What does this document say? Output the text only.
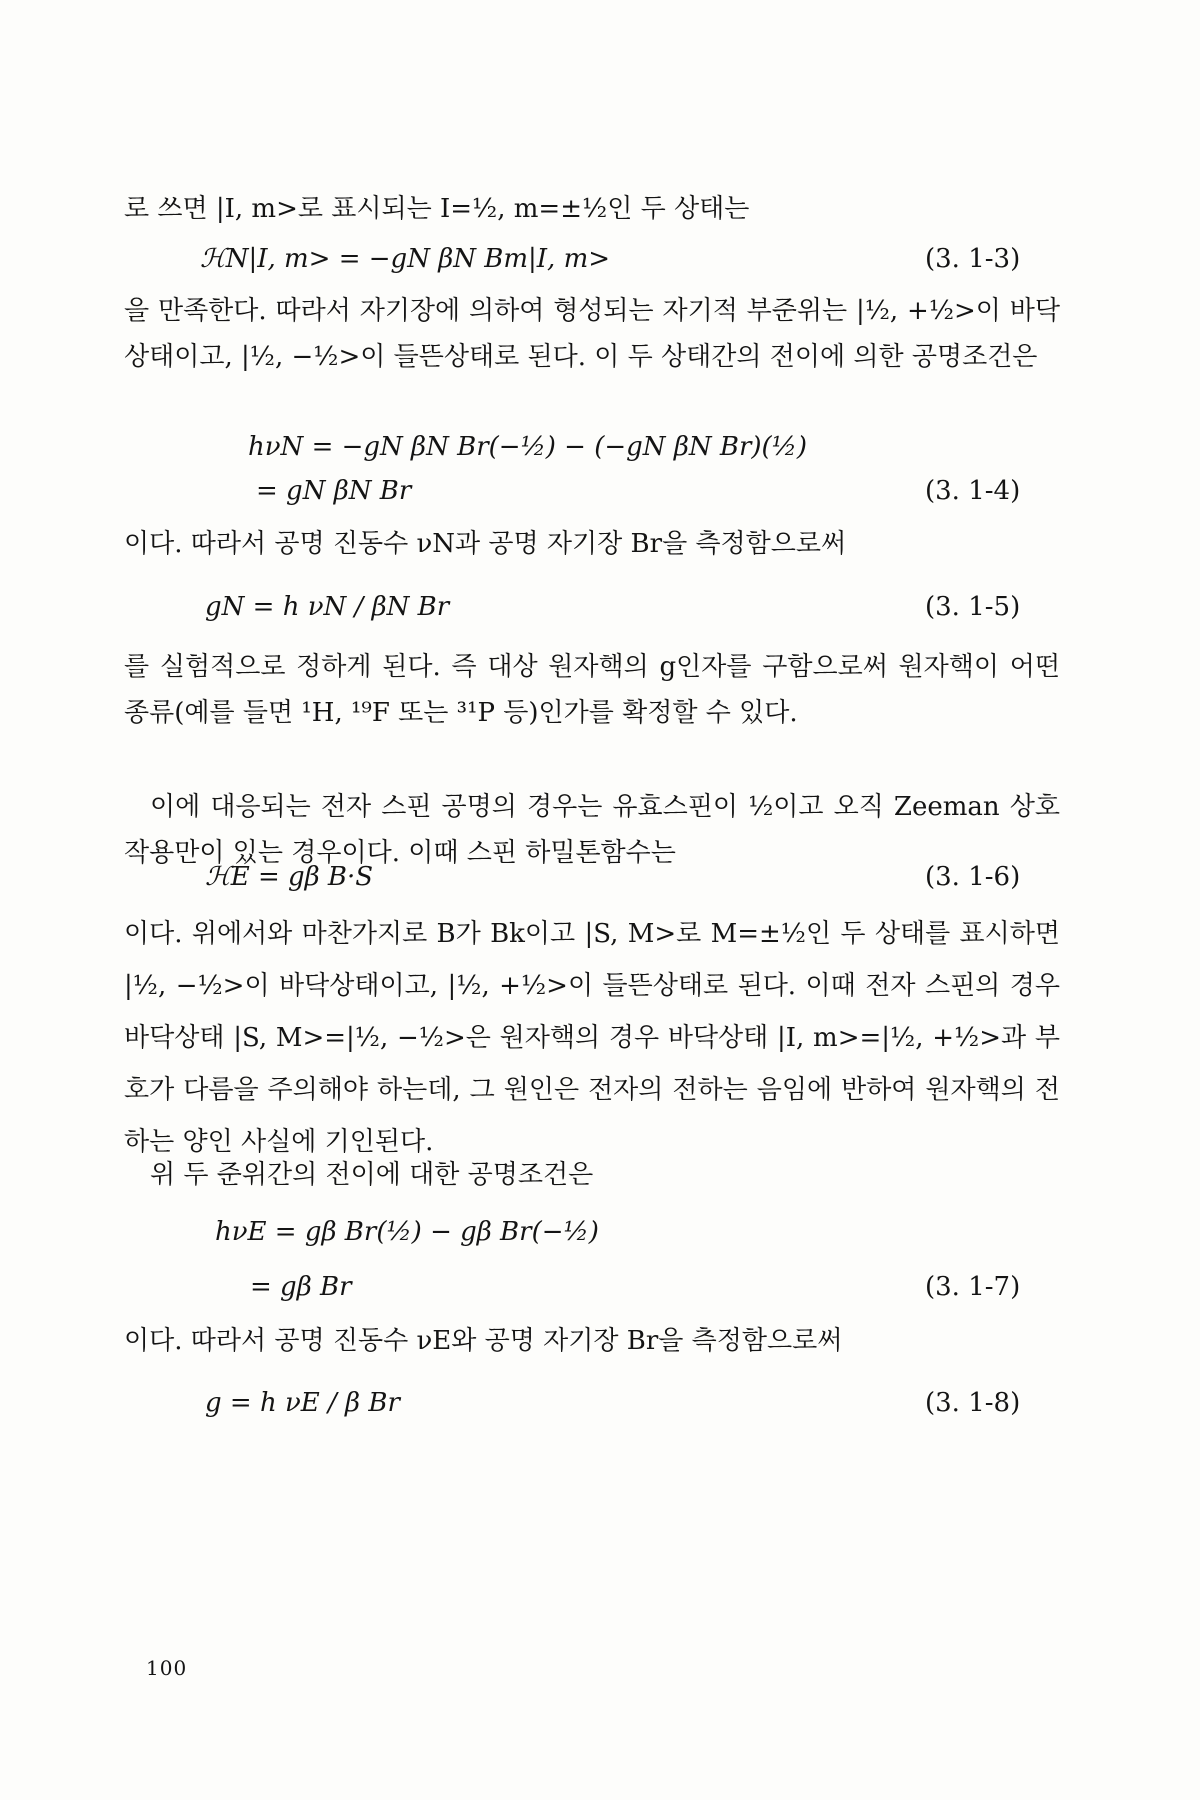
로 쓰면 |I, m>로 표시되는 I=½, m=±½인 두 상태는
ℋN|I, m> = −gN βN Bm|I, m>	(3. 1-3)
을 만족한다. 따라서 자기장에 의하여 형성되는 자기적 부준위는 |½, +½>이 바닥상태이고, |½, −½>이 들뜬상태로 된다. 이 두 상태간의 전이에 의한 공명조건은
hνN = −gN βN Br(−½) − (−gN βN Br)(½)
= gN βN Br	(3. 1-4)
이다. 따라서 공명 진동수 νN과 공명 자기장 Br을 측정함으로써
gN = h νN / βN Br	(3. 1-5)
를 실험적으로 정하게 된다. 즉 대상 원자핵의 g인자를 구함으로써 원자핵이 어떤 종류(예를 들면 ¹H, ¹⁹F 또는 ³¹P 등)인가를 확정할 수 있다.
이에 대응되는 전자 스핀 공명의 경우는 유효스핀이 ½이고 오직 Zeeman 상호작용만이 있는 경우이다. 이때 스핀 하밀톤함수는
ℋE = gβ B·S	(3. 1-6)
이다. 위에서와 마찬가지로 B가 Bk이고 |S, M>로 M=±½인 두 상태를 표시하면 |½, −½>이 바닥상태이고, |½, +½>이 들뜬상태로 된다. 이때 전자 스핀의 경우 바닥상태 |S, M>=|½, −½>은 원자핵의 경우 바닥상태 |I, m>=|½, +½>과 부호가 다름을 주의해야 하는데, 그 원인은 전자의 전하는 음임에 반하여 원자핵의 전하는 양인 사실에 기인된다.
위 두 준위간의 전이에 대한 공명조건은
hνE = gβ Br(½) − gβ Br(−½)
= gβ Br	(3. 1-7)
이다. 따라서 공명 진동수 νE와 공명 자기장 Br을 측정함으로써
g = h νE / β Br	(3. 1-8)
100
